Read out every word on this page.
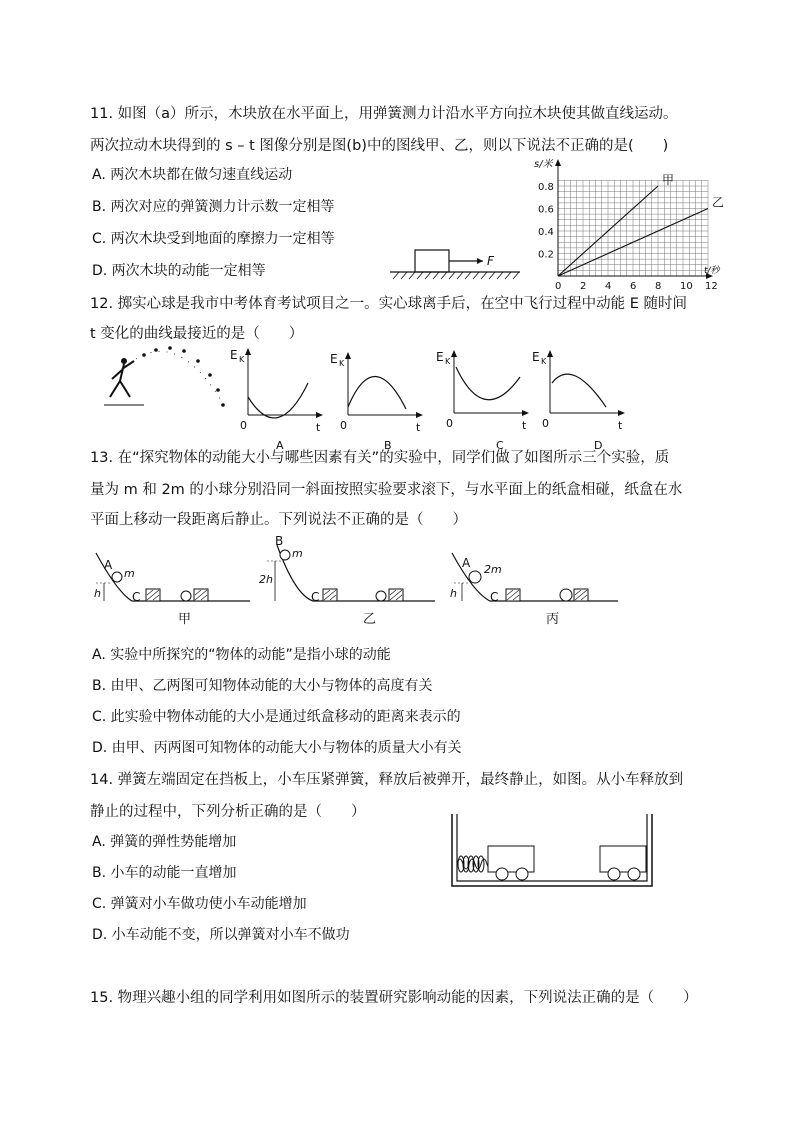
11. 如图（a）所示，木块放在水平面上，用弹簧测力计沿水平方向拉木块使其做直线运动。
两次拉动木块得到的 s – t 图像分别是图(b)中的图线甲、乙，则以下说法不正确的是(　　)
A. 两次木块都在做匀速直线运动
B. 两次对应的弹簧测力计示数一定相等
C. 两次木块受到地面的摩擦力一定相等
D. 两次木块的动能一定相等
F
s/米
t/秒
0.2
0.4
0.6
0.8
0 2 4 6 8 10 12
甲
乙
12. 掷实心球是我市中考体育考试项目之一。实心球离手后，在空中飞行过程中动能 E 随时间
t 变化的曲线最接近的是（　　）
E K
0	t
A
E K
0	t
B
E K
0	t
C
E K
0	t
D
13. 在“探究物体的动能大小与哪些因素有关”的实验中，同学们做了如图所示三个实验，质
量为 m 和 2m 的小球分别沿同一斜面按照实验要求滚下，与水平面上的纸盒相碰，纸盒在水
平面上移动一段距离后静止。下列说法不正确的是（　　）
A
m
h	C
甲
B
m
2h
C
乙
A 2m
h	C
丙
A. 实验中所探究的“物体的动能”是指小球的动能
B. 由甲、乙两图可知物体动能的大小与物体的高度有关
C. 此实验中物体动能的大小是通过纸盒移动的距离来表示的
D. 由甲、丙两图可知物体的动能大小与物体的质量大小有关
14. 弹簧左端固定在挡板上，小车压紧弹簧，释放后被弹开，最终静止，如图。从小车释放到
静止的过程中，下列分析正确的是（　　）
A. 弹簧的弹性势能增加
B. 小车的动能一直增加
C. 弹簧对小车做功使小车动能增加
D. 小车动能不变，所以弹簧对小车不做功
15. 物理兴趣小组的同学利用如图所示的装置研究影响动能的因素，下列说法正确的是（　　）
